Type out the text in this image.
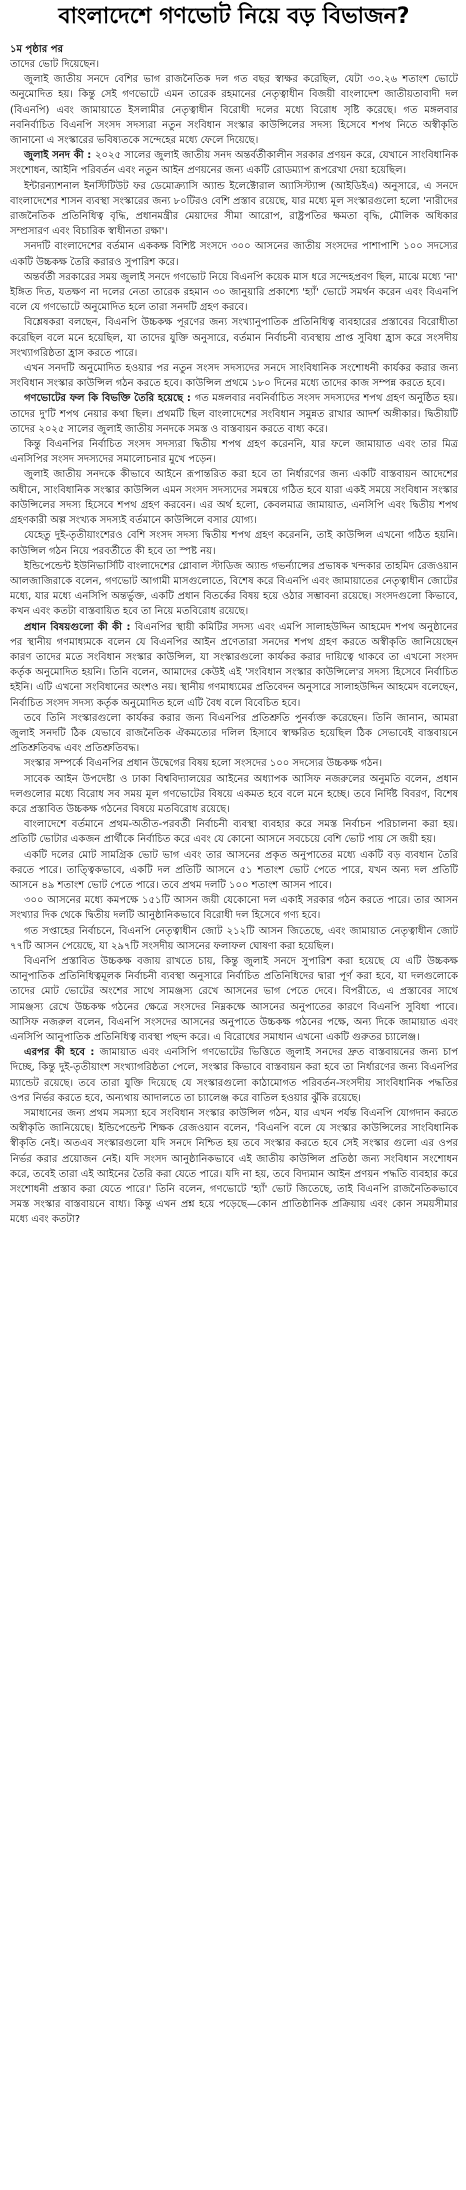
বাংলাদেশে গণভোট নিয়ে বড় বিভাজন?

১ম পৃষ্ঠার পর

তাদের ভোট দিয়েছেন।

জুলাই জাতীয় সনদে বেশির ভাগ রাজনৈতিক দল গত বছর স্বাক্ষর করেছিল, যেটা ৩০.২৬ শতাংশ ভোটে অনুমোদিত হয়। কিন্তু সেই গণভোটে এমন তারেক রহমানের নেতৃত্বাধীন বিজয়ী বাংলাদেশ জাতীয়তাবাদী দল (বিএনপি) এবং জামায়াতে ইসলামীর নেতৃত্বাধীন বিরোধী দলের মধ্যে বিরোধ সৃষ্টি করেছে। গত মঙ্গলবার নবনির্বাচিত বিএনপি সংসদ সদস্যরা নতুন সংবিধান সংস্কার কাউন্সিলের সদস্য হিসেবে শপথ নিতে অস্বীকৃতি জানানো এ সংস্কারের ভবিষ্যতকে সন্দেহের মধ্যে ফেলে দিয়েছে।

জুলাই সনদ কী : ২০২৫ সালের জুলাই জাতীয় সনদ অন্তর্বর্তীকালীন সরকার প্রণয়ন করে, যেখানে সাংবিধানিক সংশোধন, আইনি পরিবর্তন এবং নতুন আইন প্রণয়নের জন্য একটি রোডম্যাপ রূপরেখা দেয়া হয়েছিল।

ইন্টারন্যাশনাল ইনস্টিটিউট ফর ডেমোক্র্যাসি অ্যান্ড ইলেক্টোরাল অ্যাসিস্ট্যান্স (আইডিইএ) অনুসারে, এ সনদে বাংলাদেশের শাসন ব্যবস্থা সংস্কারের জন্য ৮০টিরও বেশি প্রস্তাব রয়েছে, যার মধ্যে মূল সংস্কারগুলো হলো 'নারীদের রাজনৈতিক প্রতিনিধিত্ব বৃদ্ধি, প্রধানমন্ত্রীর মেয়াদের সীমা আরোপ, রাষ্ট্রপতির ক্ষমতা বৃদ্ধি, মৌলিক অধিকার সম্প্রসারণ এবং বিচারিক স্বাধীনতা রক্ষা'।

সনদটি বাংলাদেশের বর্তমান এককক্ষ বিশিষ্ট সংসদে ৩০০ আসনের জাতীয় সংসদের পাশাপাশি ১০০ সদস্যের একটি উচ্চকক্ষ তৈরি করারও সুপারিশ করে।

অন্তর্বর্তী সরকারের সময় জুলাই সনদে গণভোট নিয়ে বিএনপি কয়েক মাস ধরে সন্দেহপ্রবণ ছিল, মাঝে মধ্যে 'না' ইঙ্গিত দিত, যতক্ষণ না দলের নেতা তারেক রহমান ৩০ জানুয়ারি প্রকাশ্যে 'হ্যাঁ' ভোটে সমর্থন করেন এবং বিএনপি বলে যে গণভোটে অনুমোদিত হলে তারা সনদটি গ্রহণ করবে।

বিশ্লেষকরা বলছেন, বিএনপি উচ্চকক্ষ পূরণের জন্য সংখ্যানুপাতিক প্রতিনিধিত্ব ব্যবহারের প্রস্তাবের বিরোধীতা করেছিল বলে মনে হয়েছিল, যা তাদের যুক্তি অনুসারে, বর্তমান নির্বাচনী ব্যবস্থায় প্রাপ্ত সুবিধা হ্রাস করে সংসদীয় সংখ্যাগরিষ্ঠতা হ্রাস করতে পারে।

এখন সনদটি অনুমোদিত হওয়ার পর নতুন সংসদ সদস্যদের সনদে সাংবিধানিক সংশোধনী কার্যকর করার জন্য সংবিধান সংস্কার কাউন্সিল গঠন করতে হবে। কাউন্সিল প্রথমে ১৮০ দিনের মধ্যে তাদের কাজ সম্পন্ন করতে হবে।

গণভোটের ফল কি বিভক্তি তৈরি হয়েছে : গত মঙ্গলবার নবনির্বাচিত সংসদ সদস্যদের শপথ গ্রহণ অনুষ্ঠিত হয়। তাদের দু'টি শপথ নেয়ার কথা ছিল। প্রথমটি ছিল বাংলাদেশের সংবিধান সমুন্নত রাখার আদর্শ অঙ্গীকার। দ্বিতীয়টি তাদের ২০২৫ সালের জুলাই জাতীয় সনদকে সমস্ত ও বাস্তবায়ন করতে বাধ্য করে।

কিন্তু বিএনপির নির্বাচিত সংসদ সদস্যরা দ্বিতীয় শপথ গ্রহণ করেননি, যার ফলে জামায়াত এবং তার মিত্র এনসিপির সংসদ সদস্যদের সমালোচনার মুখে পড়েন।

জুলাই জাতীয় সনদকে কীভাবে আইনে রূপান্তরিত করা হবে তা নির্ধারণের জন্য একটি বাস্তবায়ন আদেশের অধীনে, সাংবিধানিক সংস্কার কাউন্সিল এমন সংসদ সদস্যদের সমন্বয়ে গঠিত হবে যারা একই সময়ে সংবিধান সংস্কার কাউন্সিলের সদস্য হিসেবে শপথ গ্রহণ করবেন। এর অর্থ হলো, কেবলমাত্র জামায়াত, এনসিপি এবং দ্বিতীয় শপথ গ্রহণকারী অল্প সংখ্যক সদস্যই বর্তমানে কাউন্সিলে বসার যোগ্য।

যেহেতু দুই-তৃতীয়াংশেরও বেশি সংসদ সদস্য দ্বিতীয় শপথ গ্রহণ করেননি, তাই কাউন্সিল এখনো গঠিত হয়নি। কাউন্সিল গঠন নিয়ে পরবর্তীতে কী হবে তা স্পষ্ট নয়।

ইন্ডিপেন্ডেন্ট ইউনিভার্সিটি বাংলাদেশের গ্লোবাল স্টাডিজ অ্যান্ড গভর্ন্যান্সের প্রভাষক খন্দকার তাহমিদ রেজওয়ান আলজাজিরাকে বলেন, গণভোট আগামী মাসগুলোতে, বিশেষ করে বিএনপি এবং জামায়াতের নেতৃত্বাধীন জোটের মধ্যে, যার মধ্যে এনসিপি অন্তর্ভুক্ত, একটি প্রধান বিতর্কের বিষয় হয়ে ওঠার সম্ভাবনা রয়েছে। সংসদগুলো কিভাবে, কখন এবং কতটা বাস্তবায়িত হবে তা নিয়ে মতবিরোধ রয়েছে।

প্রধান বিষয়গুলো কী কী : বিএনপির স্থায়ী কমিটির সদস্য এবং এমপি সালাহউদ্দিন আহমেদ শপথ অনুষ্ঠানের পর স্থানীয় গণমাধ্যমকে বলেন যে বিএনপির আইন প্রণেতারা সনদের শপথ গ্রহণ করতে অস্বীকৃতি জানিয়েছেন কারণ তাদের মতে সংবিধান সংস্কার কাউন্সিল, যা সংস্কারগুলো কার্যকর করার দায়িত্বে থাকবে তা এখনো সংসদ কর্তৃক অনুমোদিত হয়নি। তিনি বলেন, আমাদের কেউই এই 'সংবিধান সংস্কার কাউন্সিলে'র সদস্য হিসেবে নির্বাচিত হইনি। এটি এখনো সংবিধানের অংশও নয়। স্থানীয় গণমাধ্যমের প্রতিবেদন অনুসারে সালাহউদ্দিন আহমেদ বলেছেন, নির্বাচিত সংসদ সদস্য কর্তৃক অনুমোদিত হলে এটি বৈধ বলে বিবেচিত হবে।

তবে তিনি সংস্কারগুলো কার্যকর করার জন্য বিএনপির প্রতিশ্রুতি পুনর্ব্যক্ত করেছেন। তিনি জানান, আমরা জুলাই সনদটি ঠিক যেভাবে রাজনৈতিক ঐকমত্যের দলিল হিসাবে স্বাক্ষরিত হয়েছিল ঠিক সেভাবেই বাস্তবায়নে প্রতিশ্রুতিবদ্ধ এবং প্রতিশ্রুতিবদ্ধ।

সংস্কার সম্পর্কে বিএনপির প্রধান উদ্বেগের বিষয় হলো সংসদের ১০০ সদস্যের উচ্চকক্ষ গঠন।

সাবেক আইন উপদেষ্টা ও ঢাকা বিশ্ববিদ্যালয়ের আইনের অধ্যাপক আসিফ নজরুলের অনুমতি বলেন, প্রধান দলগুলোর মধ্যে বিরোধ সব সময় মূল গণভোটের বিষয়ে একমত হবে বলে মনে হচ্ছে। তবে নির্দিষ্ট বিবরণ, বিশেষ করে প্রস্তাবিত উচ্চকক্ষ গঠনের বিষয়ে মতবিরোধ রয়েছে।

বাংলাদেশে বর্তমানে প্রথম-অতীত-পরবর্তী নির্বাচনী ব্যবস্থা ব্যবহার করে সমস্ত নির্বাচন পরিচালনা করা হয়। প্রতিটি ভোটার একজন প্রার্থীকে নির্বাচিত করে এবং যে কোনো আসনে সবচেয়ে বেশি ভোট পায় সে জয়ী হয়।

একটি দলের মোট সামগ্রিক ভোট ভাগ এবং তার আসনের প্রকৃত অনুপাতের মধ্যে একটি বড় ব্যবধান তৈরি করতে পারে। তাত্ত্বিকভাবে, একটি দল প্রতিটি আসনে ৫১ শতাংশ ভোট পেতে পারে, যখন অন্য দল প্রতিটি আসনে ৪৯ শতাংশ ভোট পেতে পারে। তবে প্রথম দলটি ১০০ শতাংশ আসন পাবে।

৩০০ আসনের মধ্যে কমপক্ষে ১৫১টি আসন জয়ী যেকোনো দল একাই সরকার গঠন করতে পারে। তার আসন সংখ্যার দিক থেকে দ্বিতীয় দলটি আনুষ্ঠানিকভাবে বিরোধী দল হিসেবে গণ্য হবে।

গত সপ্তাহের নির্বাচনে, বিএনপি নেতৃত্বাধীন জোট ২১২টি আসন জিতেছে, এবং জামায়াত নেতৃত্বাধীন জোট ৭৭টি আসন পেয়েছে, যা ২৯৭টি সংসদীয় আসনের ফলাফল ঘোষণা করা হয়েছিল।

বিএনপি প্রস্তাবিত উচ্চকক্ষ বজায় রাখতে চায়, কিন্তু জুলাই সনদে সুপারিশ করা হয়েছে যে এটি উচ্চকক্ষ আনুপাতিক প্রতিনিধিত্বমূলক নির্বাচনী ব্যবস্থা অনুসারে নির্বাচিত প্রতিনিধিদের দ্বারা পূর্ণ করা হবে, যা দলগুলোকে তাদের মোট ভোটের অংশের সাথে সামঞ্জস্য রেখে আসনের ভাগ পেতে দেবে। বিপরীতে, এ প্রস্তাবের সাথে সামঞ্জস্য রেখে উচ্চকক্ষ গঠনের ক্ষেত্রে সংসদের নিম্নকক্ষে আসনের অনুপাতের কারণে বিএনপি সুবিধা পাবে। আসিফ নজরুল বলেন, বিএনপি সংসদের আসনের অনুপাতে উচ্চকক্ষ গঠনের পক্ষে, অন্য দিকে জামায়াত এবং এনসিপি আনুপাতিক প্রতিনিধিত্ব ব্যবস্থা পছন্দ করে। এ বিরোধের সমাধান এখনো একটি গুরুতর চ্যালেঞ্জ।

এরপর কী হবে : জামায়াত এবং এনসিপি গণভোটের ভিত্তিতে জুলাই সনদের দ্রুত বাস্তবায়নের জন্য চাপ দিচ্ছে, কিন্তু দুই-তৃতীয়াংশ সংখ্যাগরিষ্ঠতা পেলে, সংস্কার কিভাবে বাস্তবায়ন করা হবে তা নির্ধারণের জন্য বিএনপির ম্যান্ডেট রয়েছে। তবে তারা যুক্তি দিয়েছে যে সংস্কারগুলো কাঠামোগত পরিবর্তন-সংসদীয় সাংবিধানিক পদ্ধতির ওপর নির্ভর করতে হবে, অন্যথায় আদালতে তা চ্যালেঞ্জ করে বাতিল হওয়ার ঝুঁকি রয়েছে।

সমাধানের জন্য প্রথম সমস্যা হবে সংবিধান সংস্কার কাউন্সিল গঠন, যার এখন পর্যন্ত বিএনপি যোগদান করতে অস্বীকৃতি জানিয়েছে। ইন্ডিপেন্ডেন্ট শিক্ষক রেজওয়ান বলেন, 'বিএনপি বলে যে সংস্কার কাউন্সিলের সাংবিধানিক স্বীকৃতি নেই। অতএব সংস্কারগুলো যদি সনদে নিশ্চিত হয় তবে সংস্কার করতে হবে সেই সংস্কার গুলো এর ওপর নির্ভর করার প্রয়োজন নেই। যদি সংসদ আনুষ্ঠানিকভাবে এই জাতীয় কাউন্সিল প্রতিষ্ঠা জন্য সংবিধান সংশোধন করে, তবেই তারা এই আইনের তৈরি করা যেতে পারে। যদি না হয়, তবে বিদ্যমান আইন প্রণয়ন পদ্ধতি ব্যবহার করে সংশোধনী প্রস্তাব করা যেতে পারে।' তিনি বলেন, গণভোটে 'হ্যাঁ' ভোট জিতেছে, তাই বিএনপি রাজনৈতিকভাবে সমস্ত সংস্কার বাস্তবায়নে বাধ্য। কিন্তু এখন প্রশ্ন হয়ে পড়েছে—কোন প্রাতিষ্ঠানিক প্রক্রিয়ায় এবং কোন সময়সীমার মধ্যে এবং কতটা?
